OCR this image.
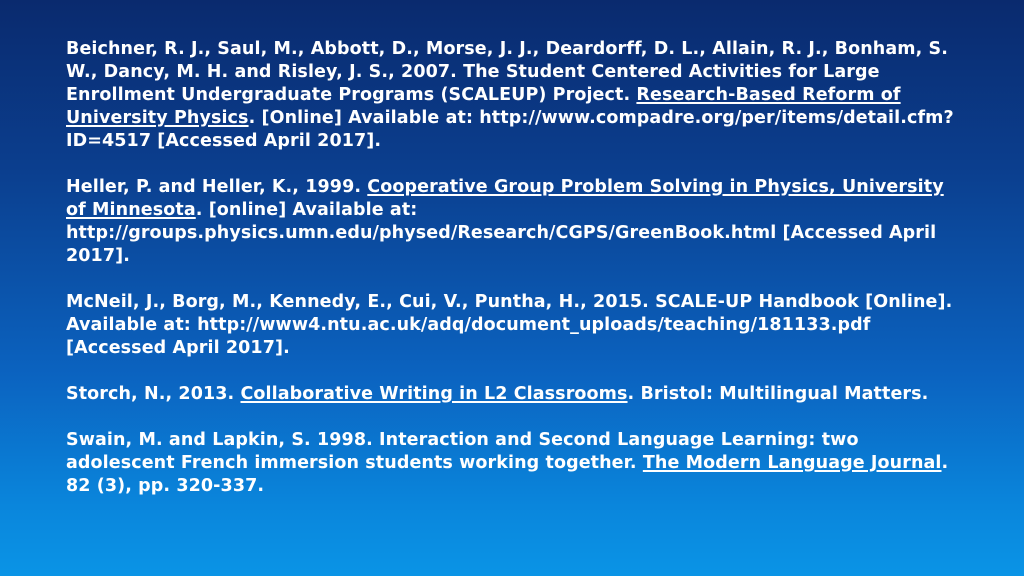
Beichner, R. J., Saul, M., Abbott, D., Morse, J. J., Deardorff, D. L., Allain, R. J., Bonham, S. W., Dancy, M. H. and Risley, J. S., 2007. The Student Centered Activities for Large Enrollment Undergraduate Programs (SCALEUP) Project. Research-Based Reform of University Physics. [Online] Available at: http://www.compadre.org/per/items/detail.cfm?ID=4517 [Accessed April 2017].

Heller, P. and Heller, K., 1999. Cooperative Group Problem Solving in Physics, University of Minnesota. [online] Available at: http://groups.physics.umn.edu/physed/Research/CGPS/GreenBook.html [Accessed April 2017].

McNeil, J., Borg, M., Kennedy, E., Cui, V., Puntha, H., 2015. SCALE-UP Handbook [Online]. Available at: http://www4.ntu.ac.uk/adq/document_uploads/teaching/181133.pdf [Accessed April 2017].

Storch, N., 2013. Collaborative Writing in L2 Classrooms. Bristol: Multilingual Matters.

Swain, M. and Lapkin, S. 1998. Interaction and Second Language Learning: two adolescent French immersion students working together. The Modern Language Journal. 82 (3), pp. 320-337.
